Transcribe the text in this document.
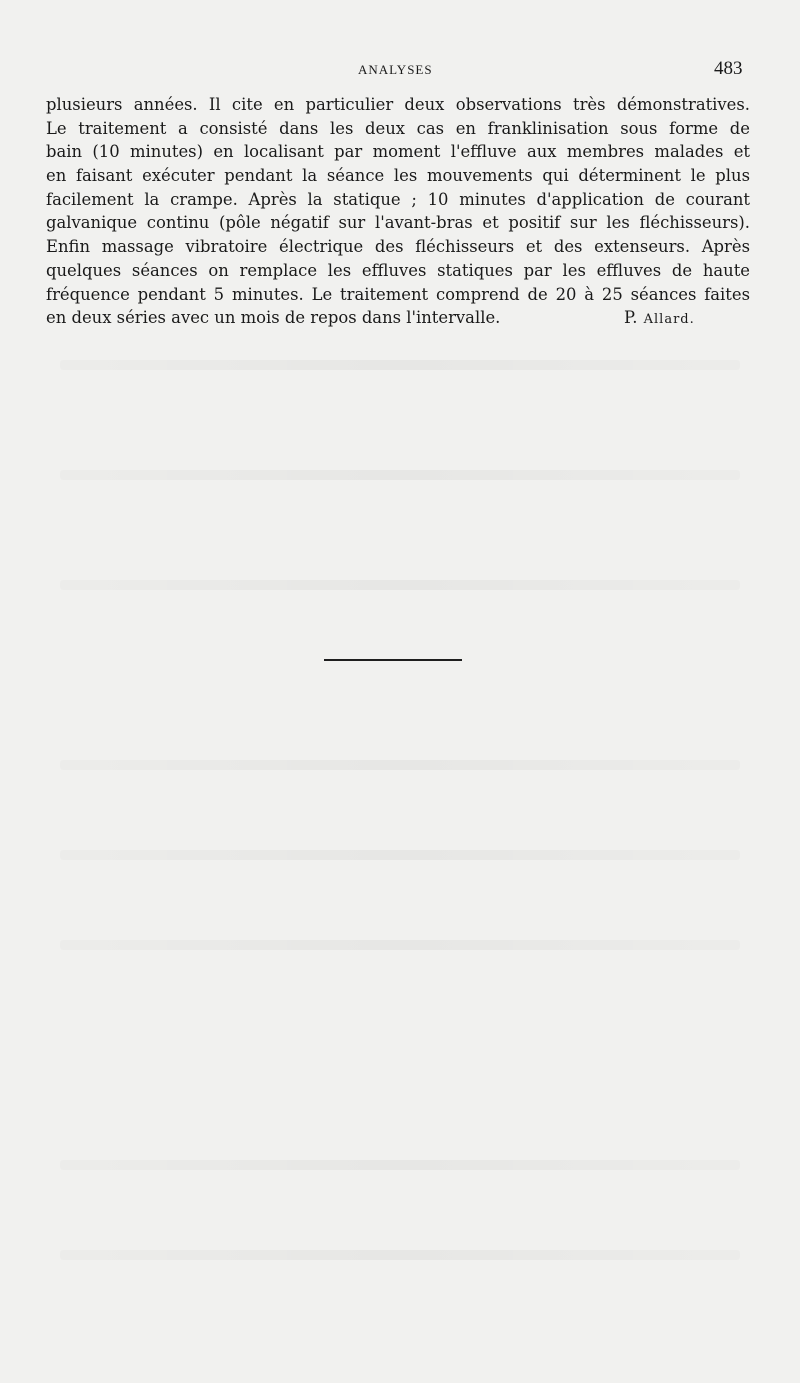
ANALYSES	483
plusieurs années. Il cite en particulier deux observations très démonstratives.
Le traitement a consisté dans les deux cas en franklinisation sous forme de
bain (10 minutes) en localisant par moment l'effluve aux membres malades et
en faisant exécuter pendant la séance les mouvements qui déterminent le plus
facilement la crampe. Après la statique ; 10 minutes d'application de courant
galvanique continu (pôle négatif sur l'avant-bras et positif sur les fléchisseurs).
Enfin massage vibratoire électrique des fléchisseurs et des extenseurs. Après
quelques séances on remplace les effluves statiques par les effluves de haute
fréquence pendant 5 minutes. Le traitement comprend de 20 à 25 séances faites
en deux séries avec un mois de repos dans l'intervalle.	P. Allard.
